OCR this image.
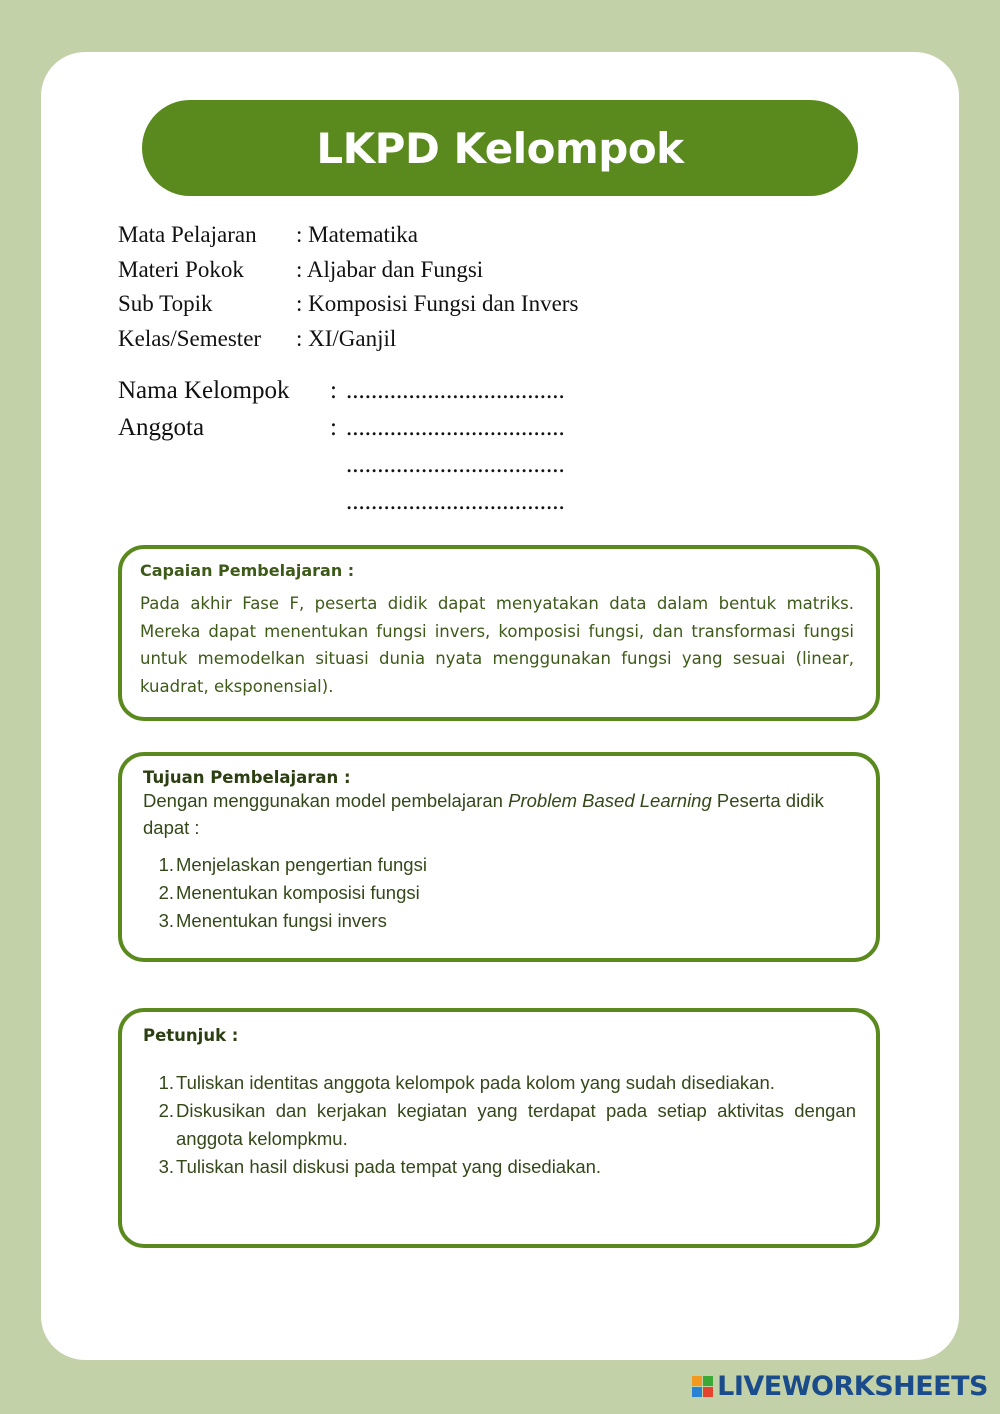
LKPD Kelompok
Mata Pelajaran	: Matematika
Materi Pokok	: Aljabar dan Fungsi
Sub Topik	: Komposisi Fungsi dan Invers
Kelas/Semester	: XI/Ganjil
Nama Kelompok	: ...................................
Anggota	: ...................................
...................................
...................................
Capaian Pembelajaran :
Pada akhir Fase F, peserta didik dapat menyatakan data dalam bentuk matriks. Mereka dapat menentukan fungsi invers, komposisi fungsi, dan transformasi fungsi untuk memodelkan situasi dunia nyata menggunakan fungsi yang sesuai (linear, kuadrat, eksponensial).
Tujuan Pembelajaran :
Dengan menggunakan model pembelajaran Problem Based Learning Peserta didik dapat :
1. Menjelaskan pengertian fungsi
2. Menentukan komposisi fungsi
3. Menentukan fungsi invers
Petunjuk :
1. Tuliskan identitas anggota kelompok pada kolom yang sudah disediakan.
2. Diskusikan dan kerjakan kegiatan yang terdapat pada setiap aktivitas dengan anggota kelompkmu.
3. Tuliskan hasil diskusi pada tempat yang disediakan.
LIVEWORKSHEETS
